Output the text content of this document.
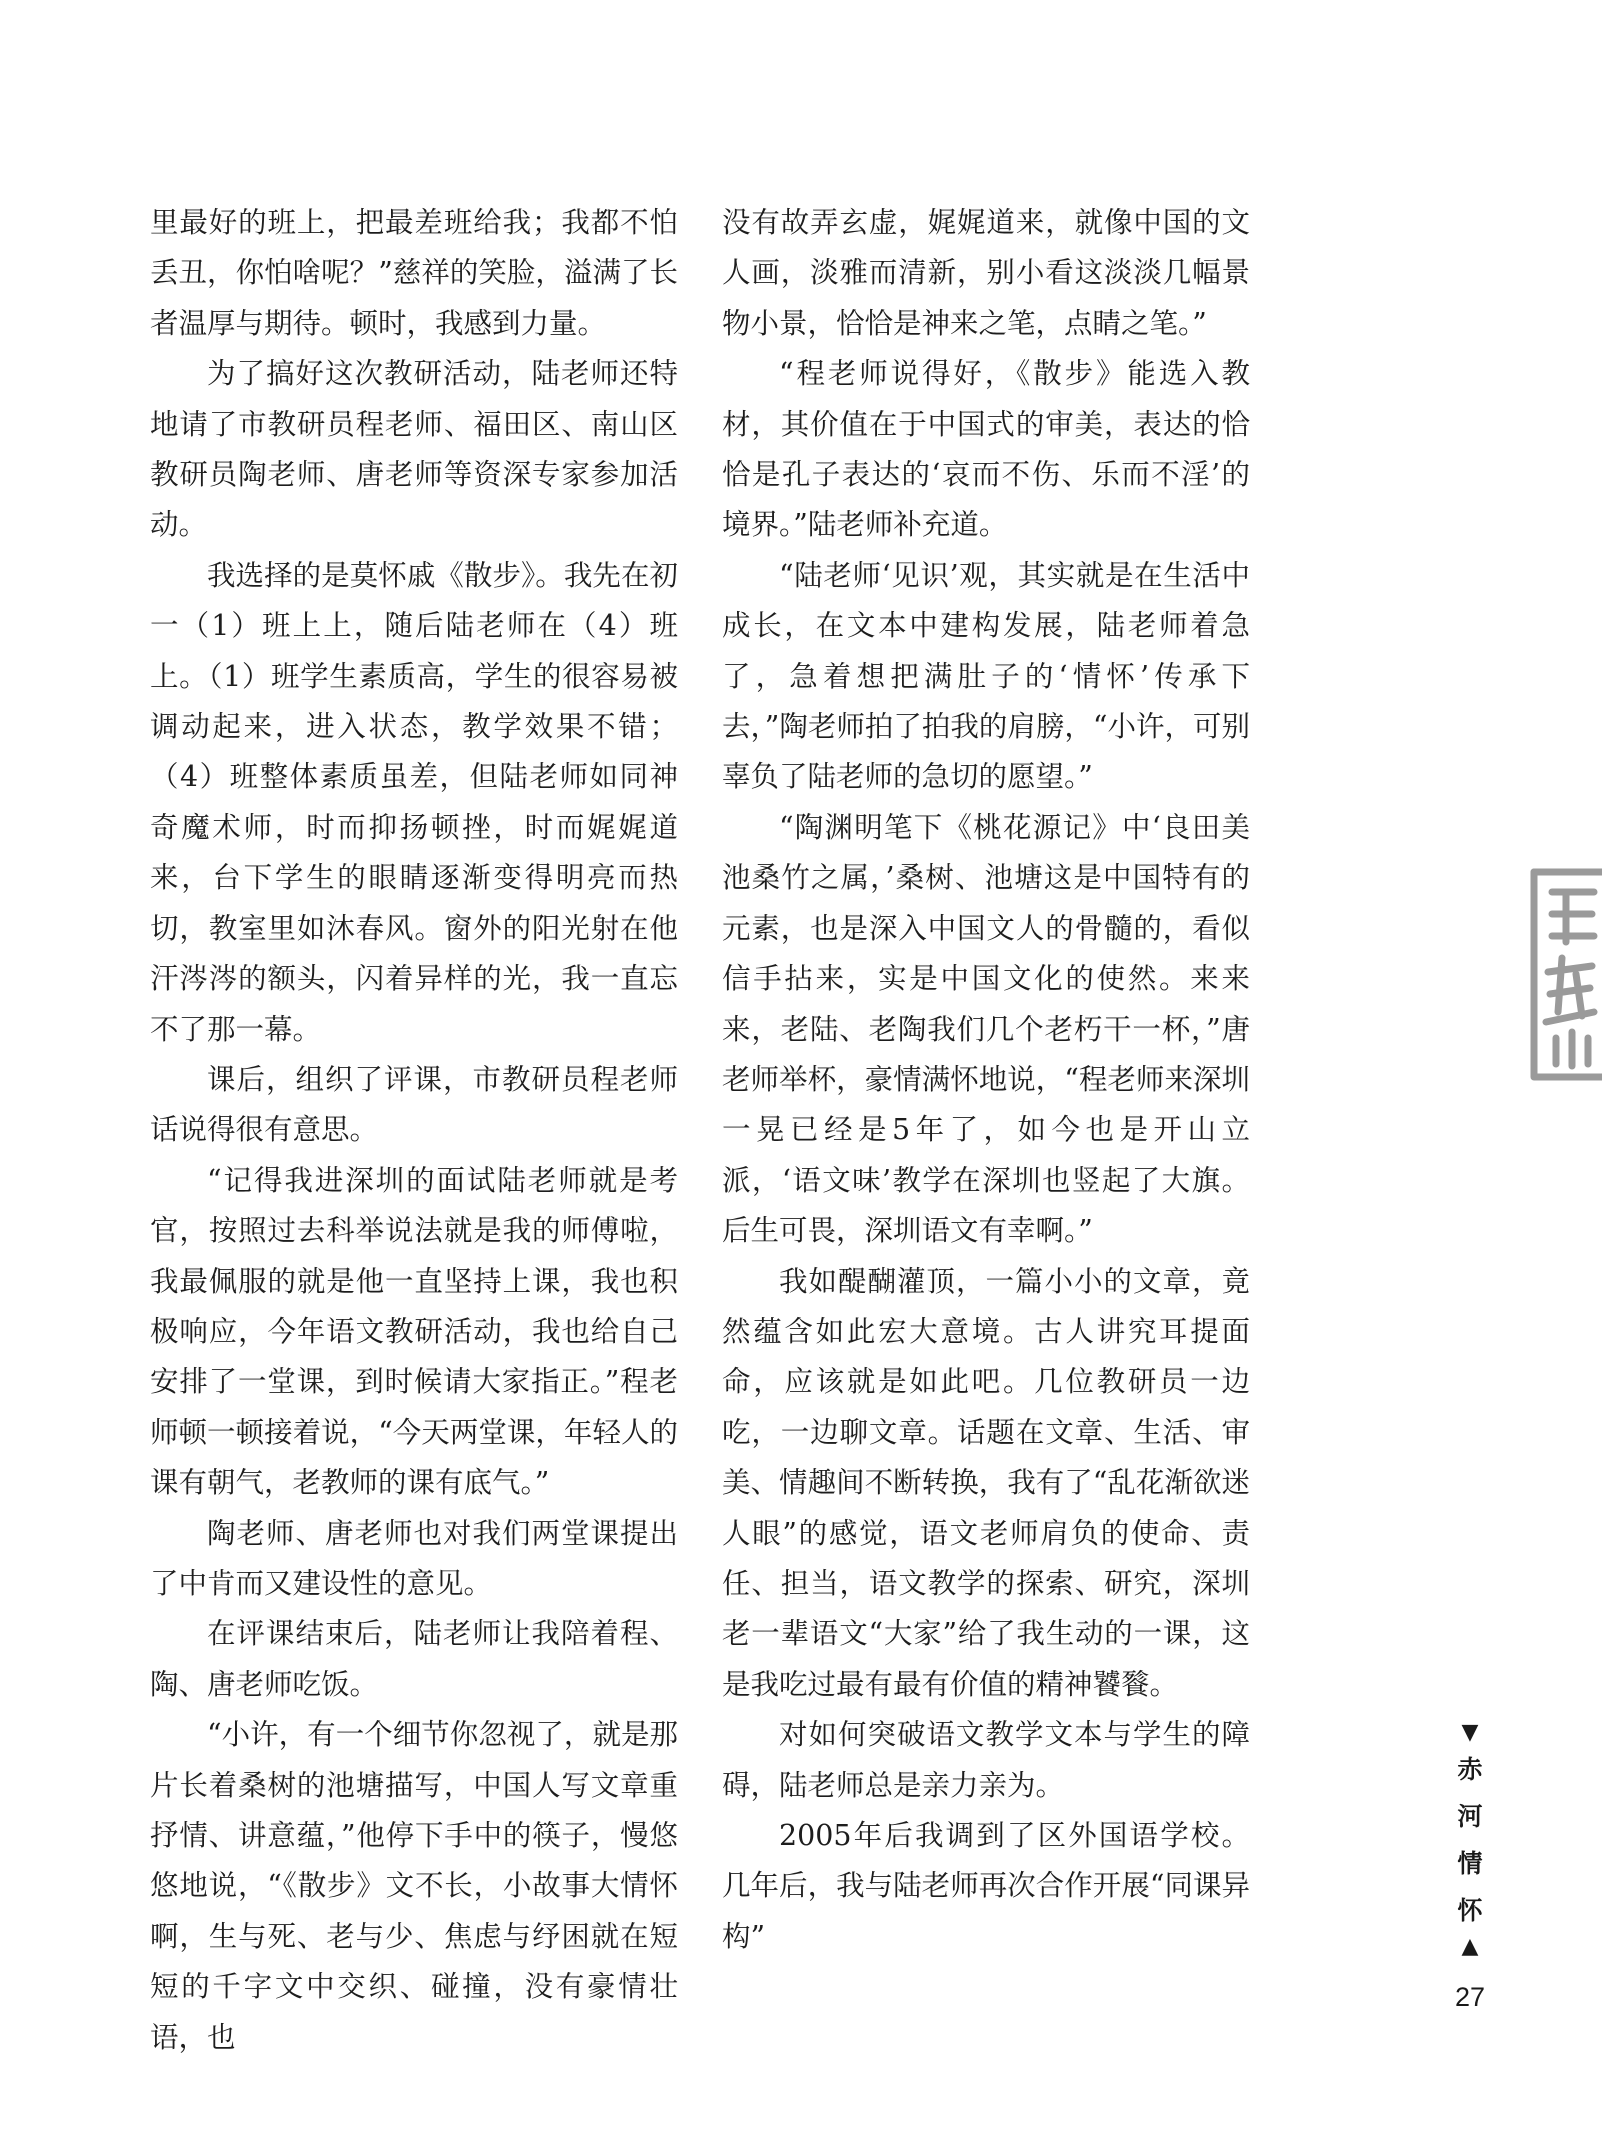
里最好的班上，把最差班给我；我都不怕丢丑，你怕啥呢？”慈祥的笑脸，溢满了长者温厚与期待。顿时，我感到力量。

为了搞好这次教研活动，陆老师还特地请了市教研员程老师、福田区、南山区教研员陶老师、唐老师等资深专家参加活动。

我选择的是莫怀戚《散步》。我先在初一（1）班上上，随后陆老师在（4）班上。（1）班学生素质高，学生的很容易被调动起来，进入状态，教学效果不错；（4）班整体素质虽差，但陆老师如同神奇魔术师，时而抑扬顿挫，时而娓娓道来，台下学生的眼睛逐渐变得明亮而热切，教室里如沐春风。窗外的阳光射在他汗涔涔的额头，闪着异样的光，我一直忘不了那一幕。

课后，组织了评课，市教研员程老师话说得很有意思。

“记得我进深圳的面试陆老师就是考官，按照过去科举说法就是我的师傅啦，我最佩服的就是他一直坚持上课，我也积极响应，今年语文教研活动，我也给自己安排了一堂课，到时候请大家指正。”程老师顿一顿接着说，“今天两堂课，年轻人的课有朝气，老教师的课有底气。”

陶老师、唐老师也对我们两堂课提出了中肯而又建设性的意见。

在评课结束后，陆老师让我陪着程、陶、唐老师吃饭。

“小许，有一个细节你忽视了，就是那片长着桑树的池塘描写，中国人写文章重抒情、讲意蕴，”他停下手中的筷子，慢悠悠地说，“《散步》文不长，小故事大情怀啊，生与死、老与少、焦虑与纾困就在短短的千字文中交织、碰撞，没有豪情壮语，也

没有故弄玄虚，娓娓道来，就像中国的文人画，淡雅而清新，别小看这淡淡几幅景物小景，恰恰是神来之笔，点睛之笔。”

“程老师说得好，《散步》能选入教材，其价值在于中国式的审美，表达的恰恰是孔子表达的‘哀而不伤、乐而不淫’的境界。”陆老师补充道。

“陆老师‘见识’观，其实就是在生活中成长，在文本中建构发展，陆老师着急了，急着想把满肚子的‘情怀’传承下去，”陶老师拍了拍我的肩膀，“小许，可别辜负了陆老师的急切的愿望。”

“陶渊明笔下《桃花源记》中‘良田美池桑竹之属，’桑树、池塘这是中国特有的元素，也是深入中国文人的骨髓的，看似信手拈来，实是中国文化的使然。来来来，老陆、老陶我们几个老朽干一杯，”唐老师举杯，豪情满怀地说，“程老师来深圳一晃已经是5年了，如今也是开山立派，‘语文味’教学在深圳也竖起了大旗。后生可畏，深圳语文有幸啊。”

我如醍醐灌顶，一篇小小的文章，竟然蕴含如此宏大意境。古人讲究耳提面命，应该就是如此吧。几位教研员一边吃，一边聊文章。话题在文章、生活、审美、情趣间不断转换，我有了“乱花渐欲迷人眼”的感觉，语文老师肩负的使命、责任、担当，语文教学的探索、研究，深圳老一辈语文“大家”给了我生动的一课，这是我吃过最有最有价值的精神饕餮。

对如何突破语文教学文本与学生的障碍，陆老师总是亲力亲为。

2005年后我调到了区外国语学校。几年后，我与陆老师再次合作开展“同课异构”

▼
赤
河
情
怀
▲
27
